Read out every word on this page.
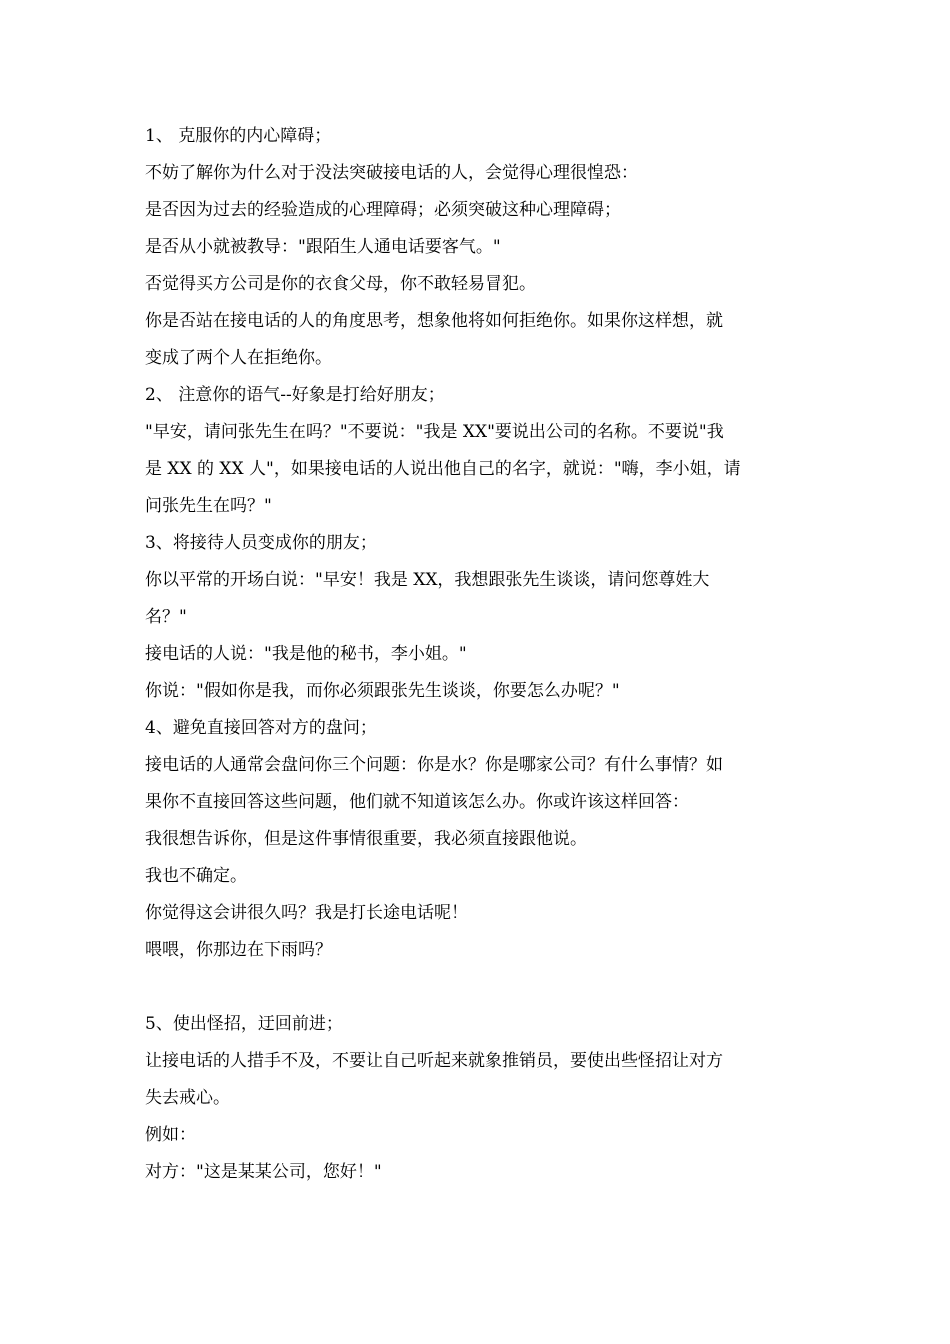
1、 克服你的内心障碍；
不妨了解你为什么对于没法突破接电话的人，会觉得心理很惶恐：
是否因为过去的经验造成的心理障碍；必须突破这种心理障碍；
是否从小就被教导："跟陌生人通电话要客气。"
否觉得买方公司是你的衣食父母，你不敢轻易冒犯。
你是否站在接电话的人的角度思考，想象他将如何拒绝你。如果你这样想，就
变成了两个人在拒绝你。
2、 注意你的语气--好象是打给好朋友；
"早安，请问张先生在吗？"不要说："我是 XX"要说出公司的名称。不要说"我
是 XX 的 XX 人"，如果接电话的人说出他自己的名字，就说："嗨，李小姐，请
问张先生在吗？"
3、将接待人员变成你的朋友；
你以平常的开场白说："早安！我是 XX，我想跟张先生谈谈，请问您尊姓大
名？"
接电话的人说："我是他的秘书，李小姐。"
你说："假如你是我，而你必须跟张先生谈谈，你要怎么办呢？"
4、避免直接回答对方的盘问；
接电话的人通常会盘问你三个问题：你是水？你是哪家公司？有什么事情？如
果你不直接回答这些问题，他们就不知道该怎么办。你或许该这样回答：
我很想告诉你，但是这件事情很重要，我必须直接跟他说。
我也不确定。
你觉得这会讲很久吗？我是打长途电话呢！
喂喂，你那边在下雨吗？
5、使出怪招，迂回前进；
让接电话的人措手不及，不要让自己听起来就象推销员，要使出些怪招让对方
失去戒心。
例如：
对方："这是某某公司，您好！"
